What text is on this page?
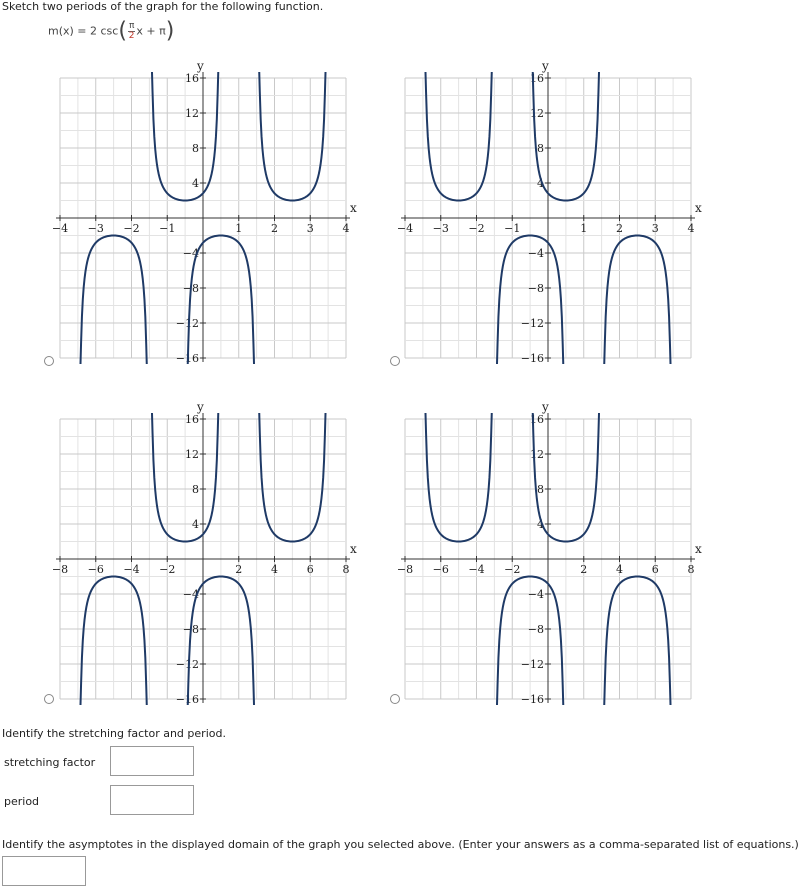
Sketch two periods of the graph for the following function.
m(x) = 2 $\csc( \frac{\pi}{2}$ x + π)
x
y
−4 −3 −2 −1	1	2	3	4
16
12
8
4
−4
−8
−12
−16
x
y
−4 −3 −2 −1	1	2	3	4
16
12
8
4
−4
−8
−12
−16
x
y
−8 −6 −4 −2	2	4	6	8
16
12
8
4
−4
−8
−12
−16
x
y
−8 −6 −4 −2	2	4	6	8
16
12
8
4
−4
−8
−12
−16
Identify the stretching factor and period.
stretching factor
period
Identify the asymptotes in the displayed domain of the graph you selected above. (Enter your answers as a comma-separated list of equations.)
